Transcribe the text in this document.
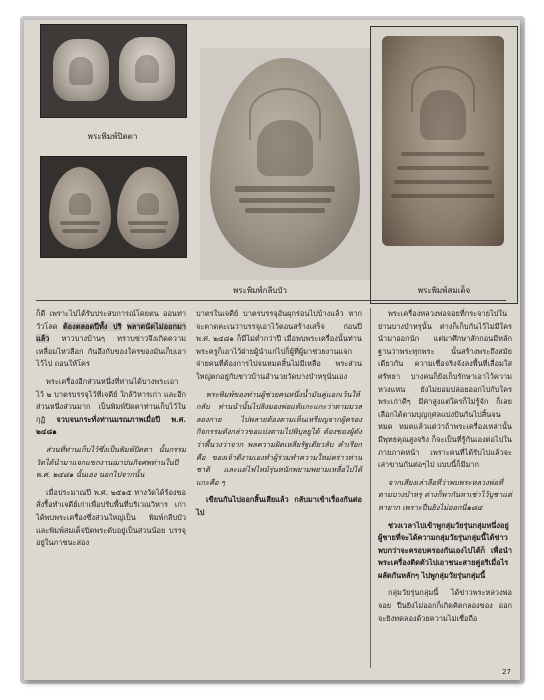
พระพิมพ์ปิดตา
พระพิมพ์กลีบบัว	พระพิมพ์สมเด็จ

ก็ดี เพราะไปได้รับประสบการณ์โดยตน ออนท่าวัวโลด ต้องตลอดปีทั้ง ปริ พลาดนัดไม่ออกมาแล้ว หาวบางบ้านๆ ทราบข่าวจึงเกิดความเหลื่อมไหวลือก กันอึงกับของใครของมันเก็บเอาไว้ไป ถอนให้โคร

พระเครื่องอีกส่วนหนึ่งที่ท่านได้บางพระเอาไว้ ๒ บาตรบรรจุไว้ที่เจดีย์ ใกล้วิหารเก่า และอีกส่วนหนึ่งส่วนมาก เป็นพิมพ์ปิดตาท่านเก็บไว้ในกุฏิ จวบจนกระทั่งท่านมรณภาพเมื่อปี พ.ศ. ๒๔๘๑

ส่วนที่ท่านเก็บไว้ซึ่งเป็นพิมพ์ปิดตา นั้นกรรมวัดได้นำมาแจกแขกงานฌาปนกิจศพท่านในปี พ.ศ. ๒๔๘๑ นั้นเอง นอกไปจากนั้น

เมื่อประมาณปี พ.ศ. ๒๕๑๕ ทางวัดได้ร้องขอสั่งรื้อทำเจดีย์เก่าเพื่อปรับพื้นที่บริเวณวิหาร เก่า ได้พบพระเครื่องซึ่งส่วนใหญ่เป็น พิมพ์กลีบบัวและพิมพ์สมเด็จปิดพระดับอยู่เป็นส่วนน้อย บรรจุอยู่ในภาชนะสอง

บาตรในเจดีย์ บาตรบรรจุอันผุกร่อนไปบ้างแล้ว หากจะคาดคะเนว่าบรรจุเอาไว้ตอนสร้างเสร็จ ก่อนปี พ.ศ. ๒๔๘๑ ก็มีไม่ต่ำกว่าปี เมื่อพบพระเครื่องนั้นท่าน พระครูก็เอาไว้ฝ่ายผู้นำแก่ไปก็ผู้ที่ผู้มาช่วยงานแจกจ่ายคนที่ต้องการไปจนหมดสิ้นไม่มีเหลือ พระส่วนใหญ่ตกอยู่กับชาวบ้านอำนวยวัดบางบำหรุนั่นเอง

พระพิมพ์ของท่านผู้ช่วยคนหนึ่งน้ำมันคู่แอกเว้นให้กลับ ท่านนำนั้นไปลิงมองพ่อแท้แกะแกะว่าตามมวลลองกาย ไปพลายต้องตามเห็นเหรียญจากผู้ครองกิจกรรมดังกล่าวขอแบ่งตามไปพิบุลยูได้ ต้องของผู้ดังว่าพื้นวงว่าจาก พลความผิดเหลียรัฐเดียวลับ คำเรียกคือ ของเจ้าดีงามเองทำผู้ร่วมทำความใหม่คร่าวท่านชาติ และแต่ไฟไหม้รุ่นหนักพยามพยามเหลื่อไปได้แกะคือ ๆ

เขียนกันไปออกสิ้นเสียแล้ว กลับมาเข้าเรื่องกันต่อไป

พระเครื่องหลวงพ่อจอยที่กระจายไปในย่านบางบำหรุนั้น ต่างก็เก็บกันไว้ไม่มีใครนำมาออกนัก แต่มาศึกษาสักกอนมีหลักฐานว่าพระทุกพระ นั้นสร้างพระถึงสมัยเดียวกัน ความเชื่อจริงจังลงพื้นที่เลื่อมใสศรัทธา บางคนก็ยังเก็บรักษาเอาไว้ความหวงแหน ยังไม่ยอมปล่อยออกไปกับใคร พระเก่าดีๆ มีค่าสูงแต่ใครก็ไม่รู้จัก ก็เลยเลือกได้ตามบุญกุศลแบ่งปันกันไปสิ้นจนหมด หมดแล้วแต่ว่าถ้าพระเครื่องเหล่านั้นมีพุทธคุณสูงจริง ก็จะเป็นที่รู้กันเองต่อไปในภายภาคหน้า เพราะคนที่ได้รับไปแล้วจะเล่าขานกันต่อๆไป แบบนี้ก็มีมาก

จากเสียงเล่าลือที่ว่าพบพระหลวงพ่อที่ตามบางบำหรุ ต่างก็พากันหาเช่าไว้บูชาแต่หายาก เพราะปืนยิงไม่ออกนี่๑๘๔

ช่วงเวลาไปเข้าพูกลุ่มวัยรุ่นกลุ่มหนึ่งอยู่ ผู้ชายที่จะได้ความกลุ่มวัยรุ่นกลุ่มนี้ได้ข่าวพบกว่าจะครอบครองกันเองไปได้ก็ เพื่อนำพระเครื่องติดตัวไปเอาชนะสายคู่อริเมื่อไร ผลัดกันหลักๆ ไปพูกลุ่มวัยรุ่นกลุ่มนี้

กลุ่มวัยรุ่นกลุ่มนี้ ได้ข่าวพระหลวงพ่อจอย ปืนยิงไม่ออกก็เกิดคิดกลองของ ออกจะยิงทดลองด้วยความไม่เชื่อถือ

27
